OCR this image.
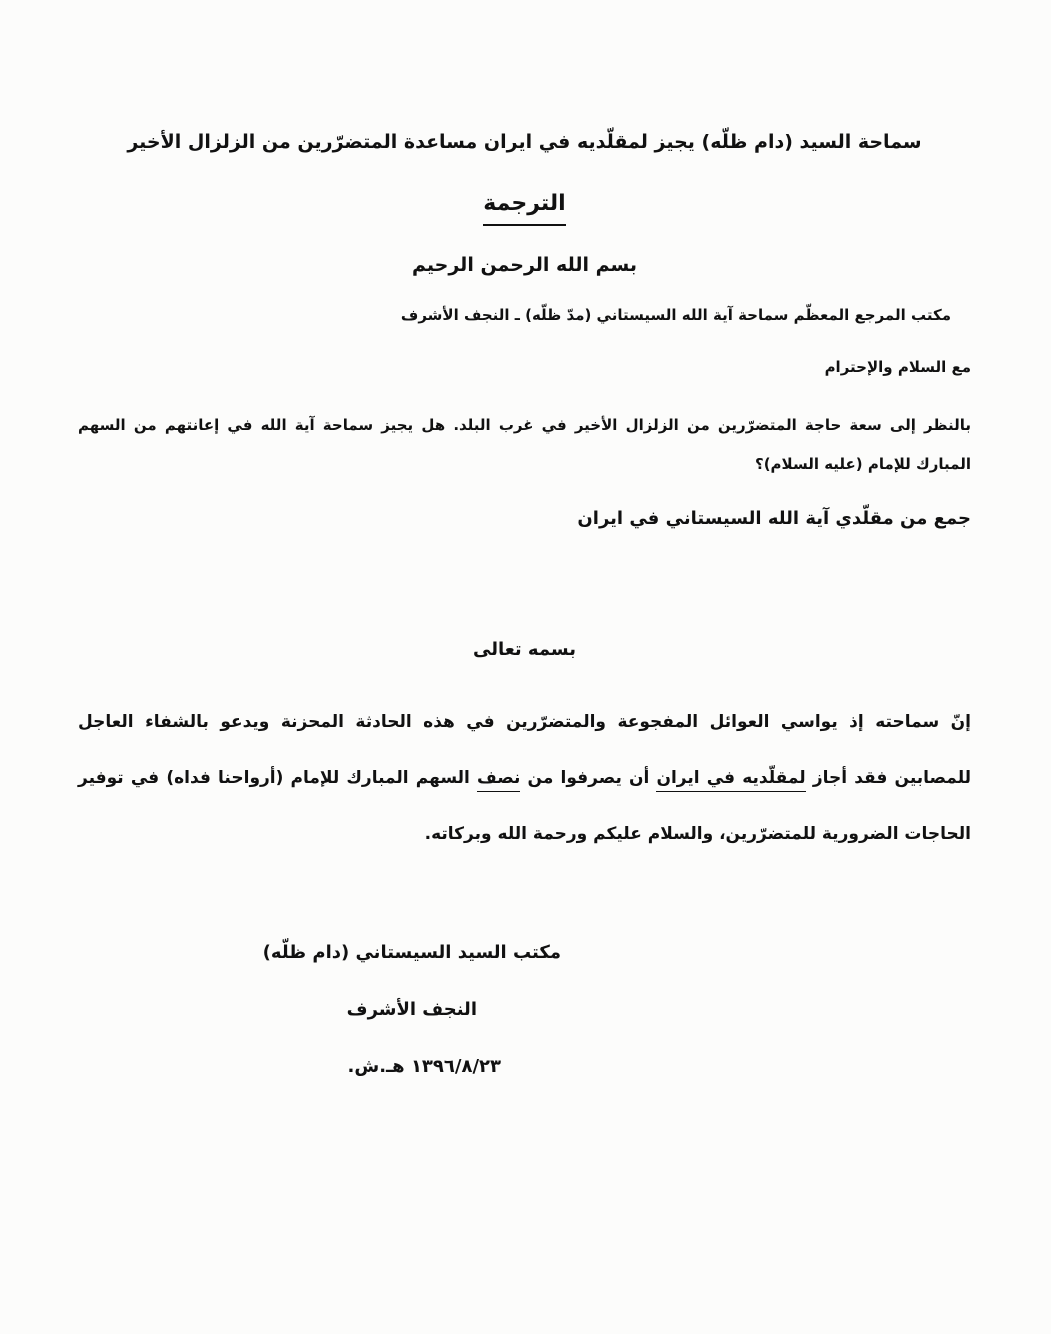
سماحة السيد (دام ظلّه) يجيز لمقلّديه في ايران مساعدة المتضرّرين من الزلزال الأخير
الترجمة
بسم الله الرحمن الرحيم
مكتب المرجع المعظّم سماحة آية الله السيستاني (مدّ ظلّه) ـ النجف الأشرف
مع السلام والإحترام
بالنظر إلى سعة حاجة المتضرّرين من الزلزال الأخير في غرب البلد. هل يجيز سماحة آية الله في إعانتهم من السهم المبارك للإمام (عليه السلام)؟
جمع من مقلّدي آية الله السيستاني في ايران
بسمه تعالى
إنّ سماحته إذ يواسي العوائل المفجوعة والمتضرّرين في هذه الحادثة المحزنة ويدعو بالشفاء العاجل للمصابين فقد أجاز لمقلّديه في ايران أن يصرفوا من نصف السهم المبارك للإمام (أرواحنا فداه) في توفير الحاجات الضرورية للمتضرّرين، والسلام عليكم ورحمة الله وبركاته.
مكتب السيد السيستاني (دام ظلّه)
النجف الأشرف
١٣٩٦/٨/٢٣ هـ.ش.
